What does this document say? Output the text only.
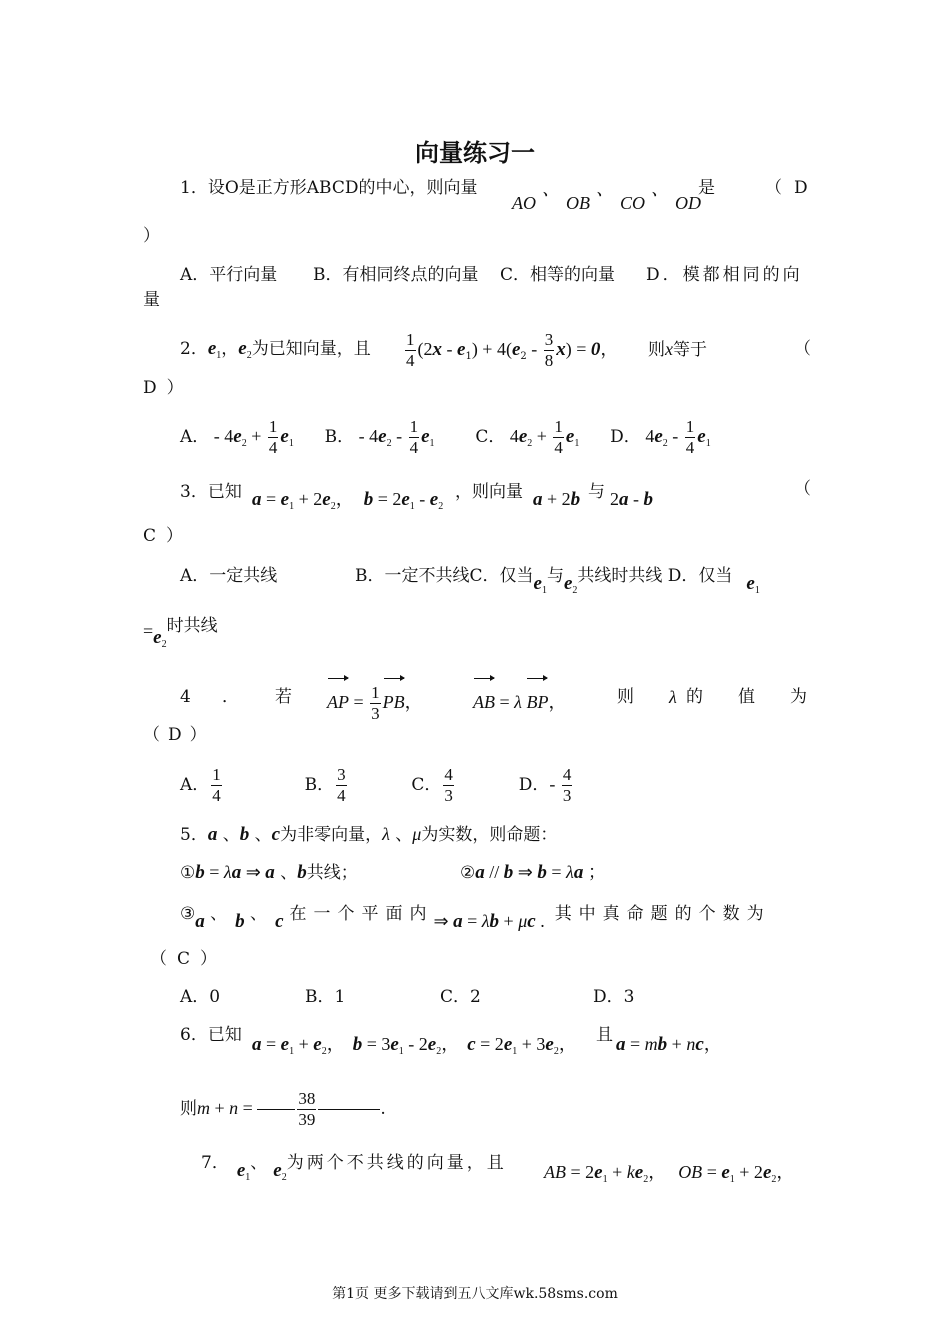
向量练习一
1．设O是正方形ABCD的中心，则向量
AO、OB、CO、OD
是	（ D
）
A．平行向量 B．有相同终点的向量 C．相等的向量 D．模都相同的向
量
2．$e_1$，$e_2$为已知向量，且 $\frac{1}{4} (2x - e_1) + 4(e_2 - \frac{3}{8} x) = 0$， 则x等于	（
D ）
A． - $4e_2 + \frac{1}{4} e_1$ B． - $4e_2 - \frac{1}{4} e_1$ C． $4e_2 + \frac{1}{4} e_1$ D． $4e_2 - \frac{1}{4} e_1$
3．已知 $a = e_1 + 2e_2$， $b = 2e_1 - e_2$
，则向量 a + 2b 与 2a - b	（
C ）
A．一定共线	B．一定不共线C．仅当$e_1$与$e_2$共线时共线 D．仅当 $e_1$
$=e_2$时共线
4 ． 若 AP = $\frac{1}{3}$ PB，	AB = λ BP，	则 λ 的 值 为
（ D ）
A． $\frac{1}{4}$	B． $\frac{3}{4}$	C． $\frac{4}{3}$	D．- $\frac{4}{3}$
5．a 、b 、c为非零向量，λ 、μ为实数，则命题：
①b = λa ⇒ a 、b共线；	②a // b ⇒ b = λa ；
③a 、 b 、 c 在一个平面内⇒ a = λb + μc . 其中真命题的个数为
（ C ）
A．0	B．1	C．2	D．3
6．已知 $a = e_1 + e_2$， $b = 3e_1 - 2e_2$， $c = 2e_1 + 3e_2$， 且 a = mb + nc，
则$m + n = \frac{38}{39}$	.
7． $e_1$、 $e_2$为两个不共线的向量，且 AB = $2e_1 + ke_2$， OB = $e_1 + 2e_2$，
第1页 更多下载请到五八文库wk.58sms.com
